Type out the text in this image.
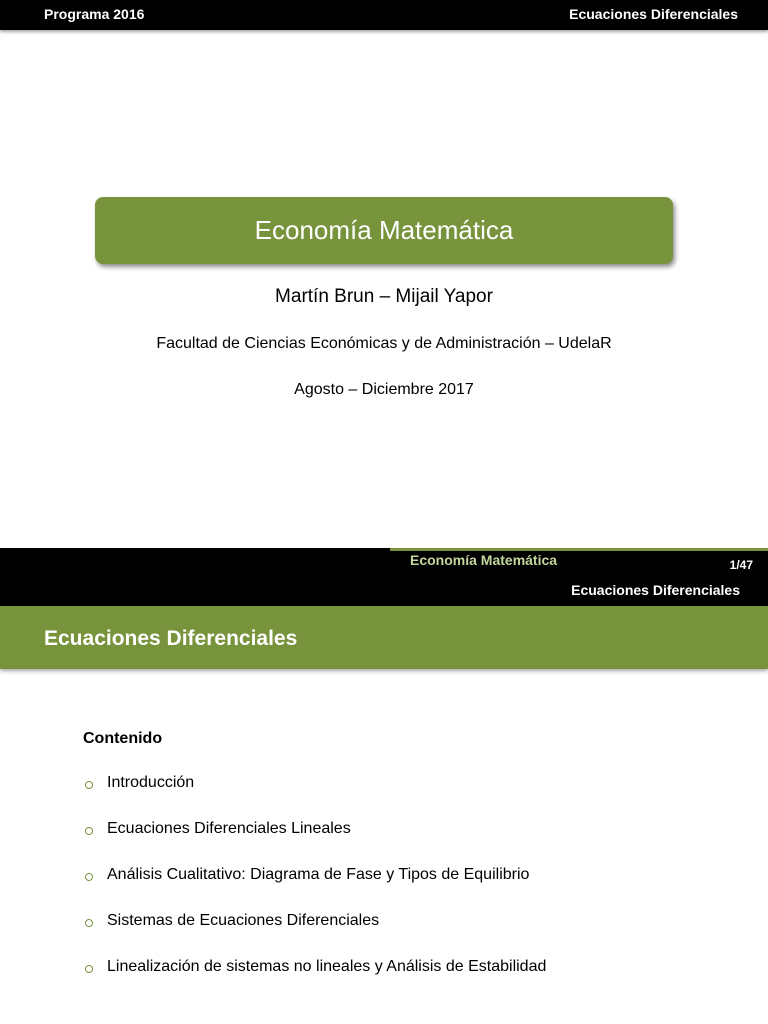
Programa 2016	Ecuaciones Diferenciales
Economía Matemática
Martín Brun – Mijail Yapor
Facultad de Ciencias Económicas y de Administración – UdelaR
Agosto – Diciembre 2017
Economía Matemática	1/47
Ecuaciones Diferenciales
Ecuaciones Diferenciales
Contenido
Introducción
Ecuaciones Diferenciales Lineales
Análisis Cualitativo: Diagrama de Fase y Tipos de Equilibrio
Sistemas de Ecuaciones Diferenciales
Linealización de sistemas no lineales y Análisis de Estabilidad
